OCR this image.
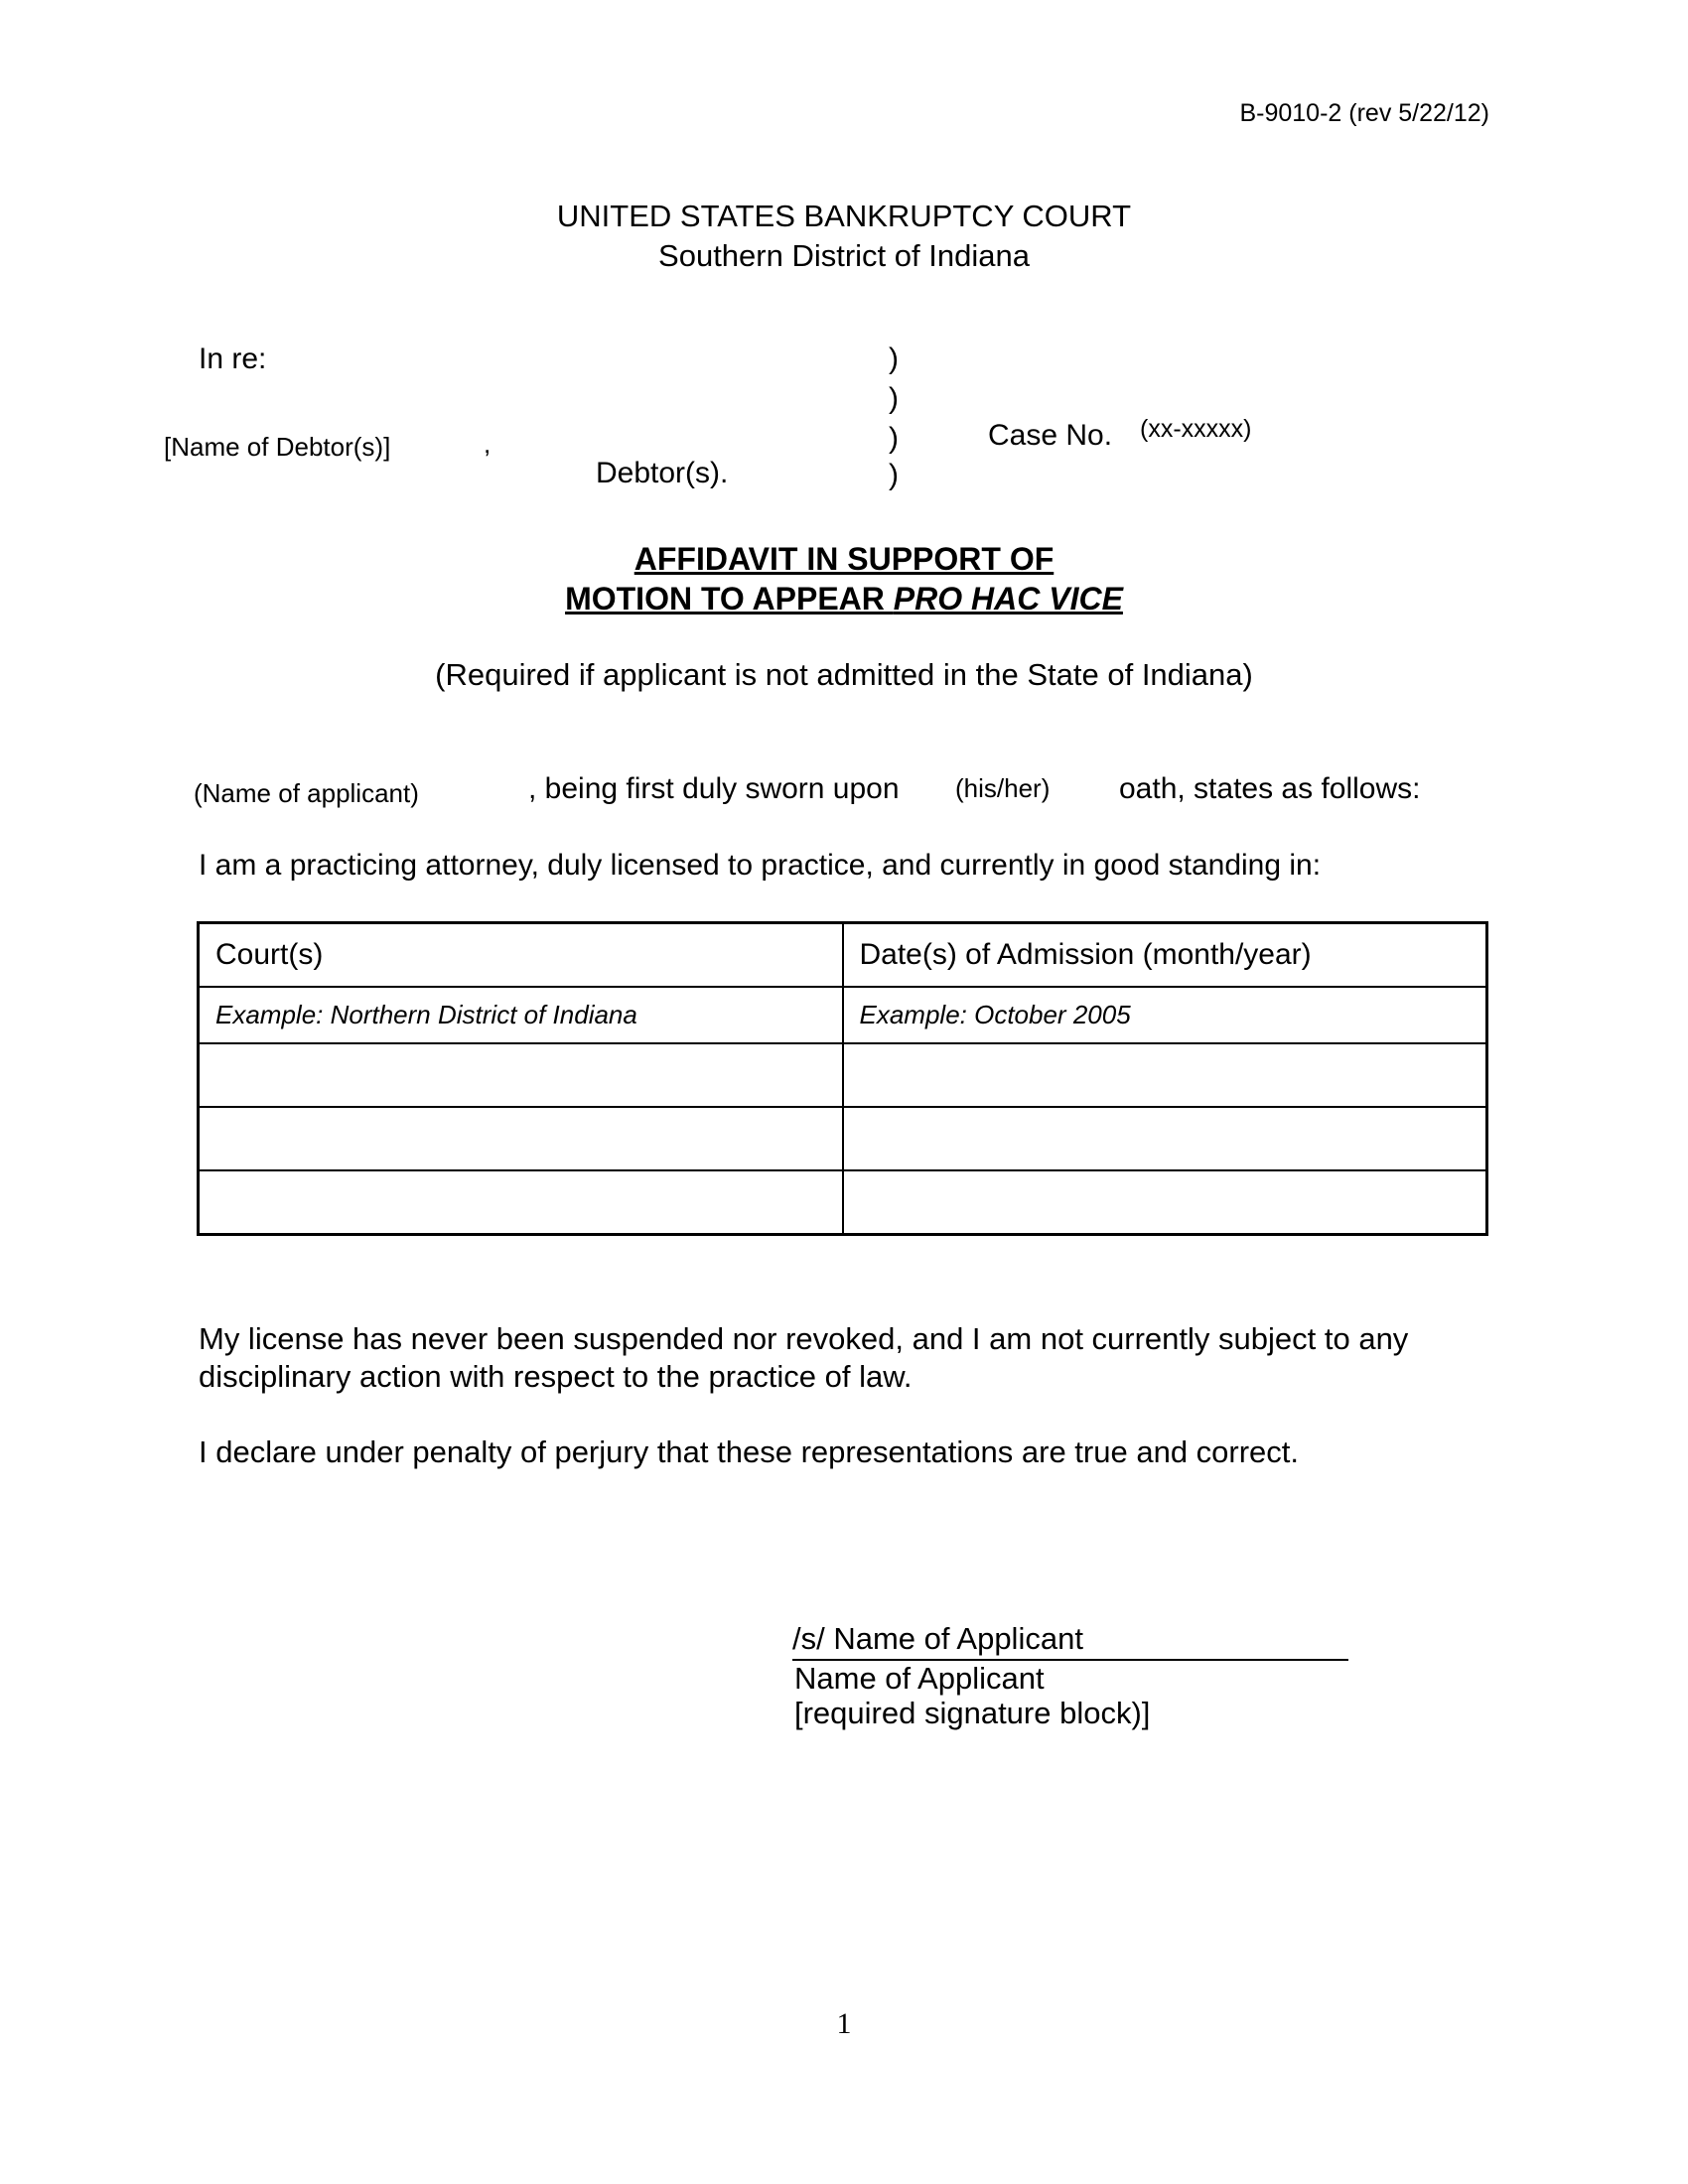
B-9010-2 (rev 5/22/12)
UNITED STATES BANKRUPTCY COURT
Southern District of Indiana
In re:	)
)
)
)
[Name of Debtor(s)]	,
Debtor(s).
Case No. (xx-xxxxx)
AFFIDAVIT IN SUPPORT OF
MOTION TO APPEAR PRO HAC VICE
(Required if applicant is not admitted in the State of Indiana)
(Name of applicant)	, being first duly sworn upon (his/her) oath, states as follows:
I am a practicing attorney, duly licensed to practice, and currently in good standing in:
Court(s)	Date(s) of Admission (month/year)
Example: Northern District of Indiana	Example: October 2005

My license has never been suspended nor revoked, and I am not currently subject to any disciplinary action with respect to the practice of law.
I declare under penalty of perjury that these representations are true and correct.
/s/ Name of Applicant
Name of Applicant
[required signature block)]
1
